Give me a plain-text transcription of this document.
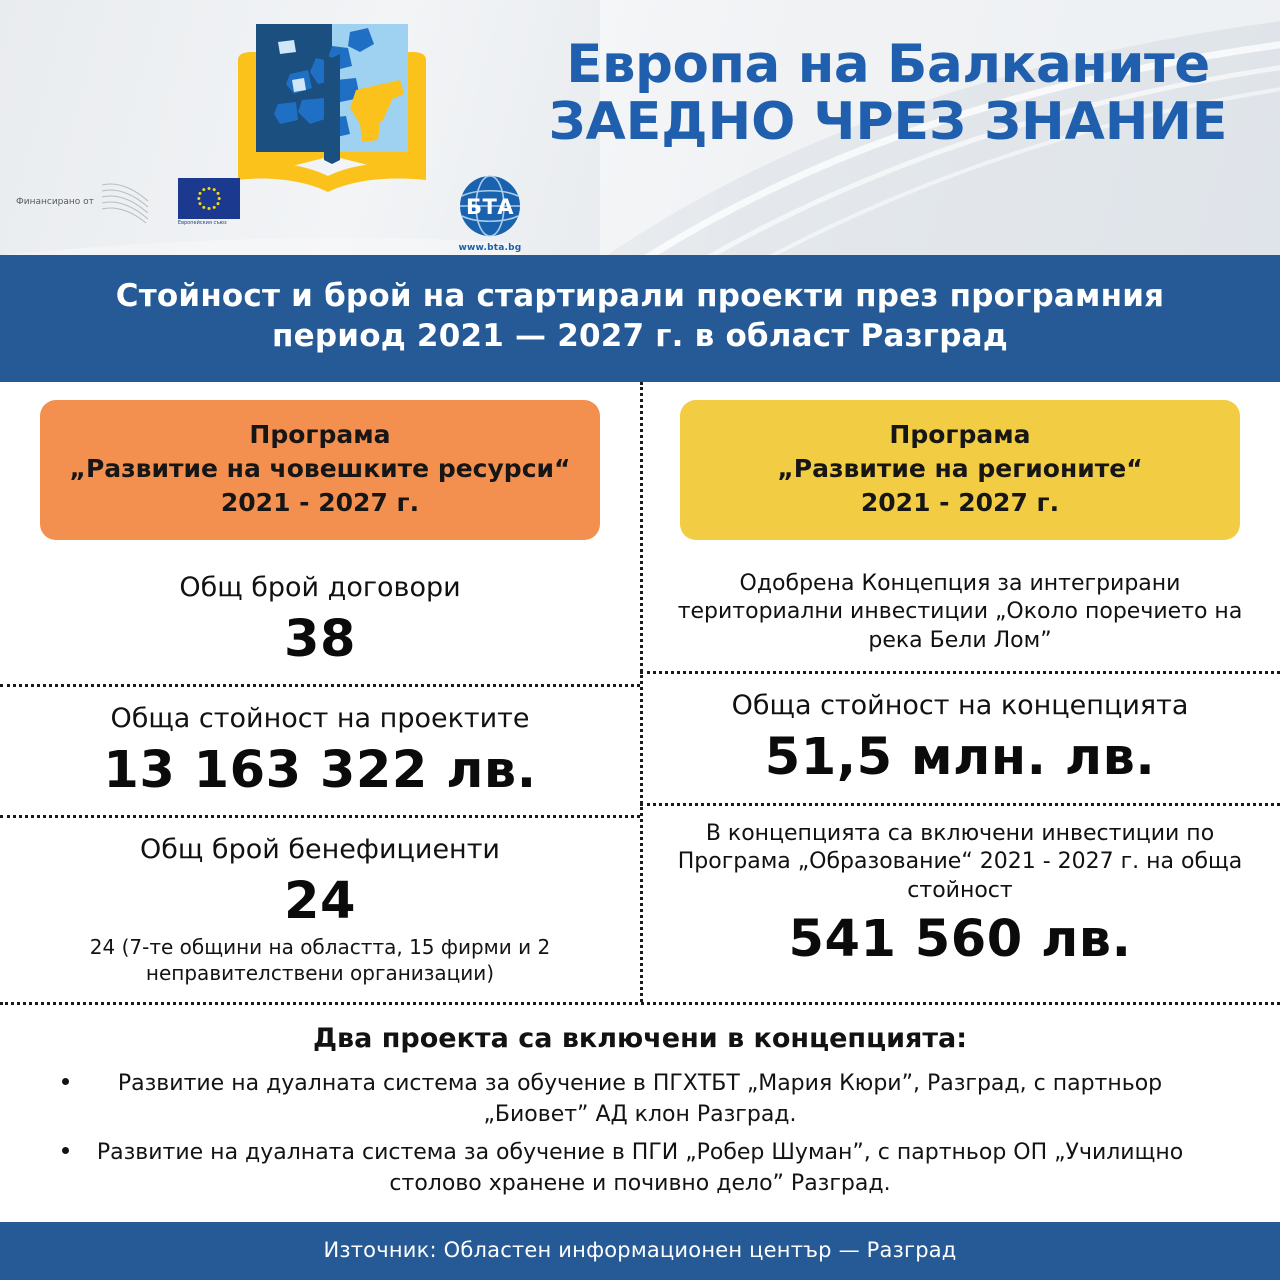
Европа на Балканите
ЗАЕДНО ЧРЕЗ ЗНАНИЕ
Финансирано от
Европейския съюз
БТА
www.bta.bg
Стойност и брой на стартирали проекти през програмния период 2021 — 2027 г. в област Разград
Програма
„Развитие на човешките ресурси“
2021 - 2027 г.
Общ брой договори
38
Обща стойност на проектите
13 163 322 лв.
Общ брой бенефициенти
24
24 (7-те общини на областта, 15 фирми и 2 неправителствени организации)
Програма
„Развитие на регионите“
2021 - 2027 г.
Одобрена Концепция за интегрирани териториални инвестиции „Около поречието на река Бели Лом”
Обща стойност на концепцията
51,5 млн. лв.
В концепцията са включени инвестиции по Програма „Образование“ 2021 - 2027 г. на обща стойност
541 560 лв.
Два проекта са включени в концепцията:
Развитие на дуалната система за обучение в ПГХТБТ „Мария Кюри”, Разград, с партньор „Биовет” АД клон Разград.
Развитие на дуалната система за обучение в ПГИ „Робер Шуман”, с партньор ОП „Училищно столово хранене и почивно дело” Разград.
Източник: Областен информационен център — Разград
